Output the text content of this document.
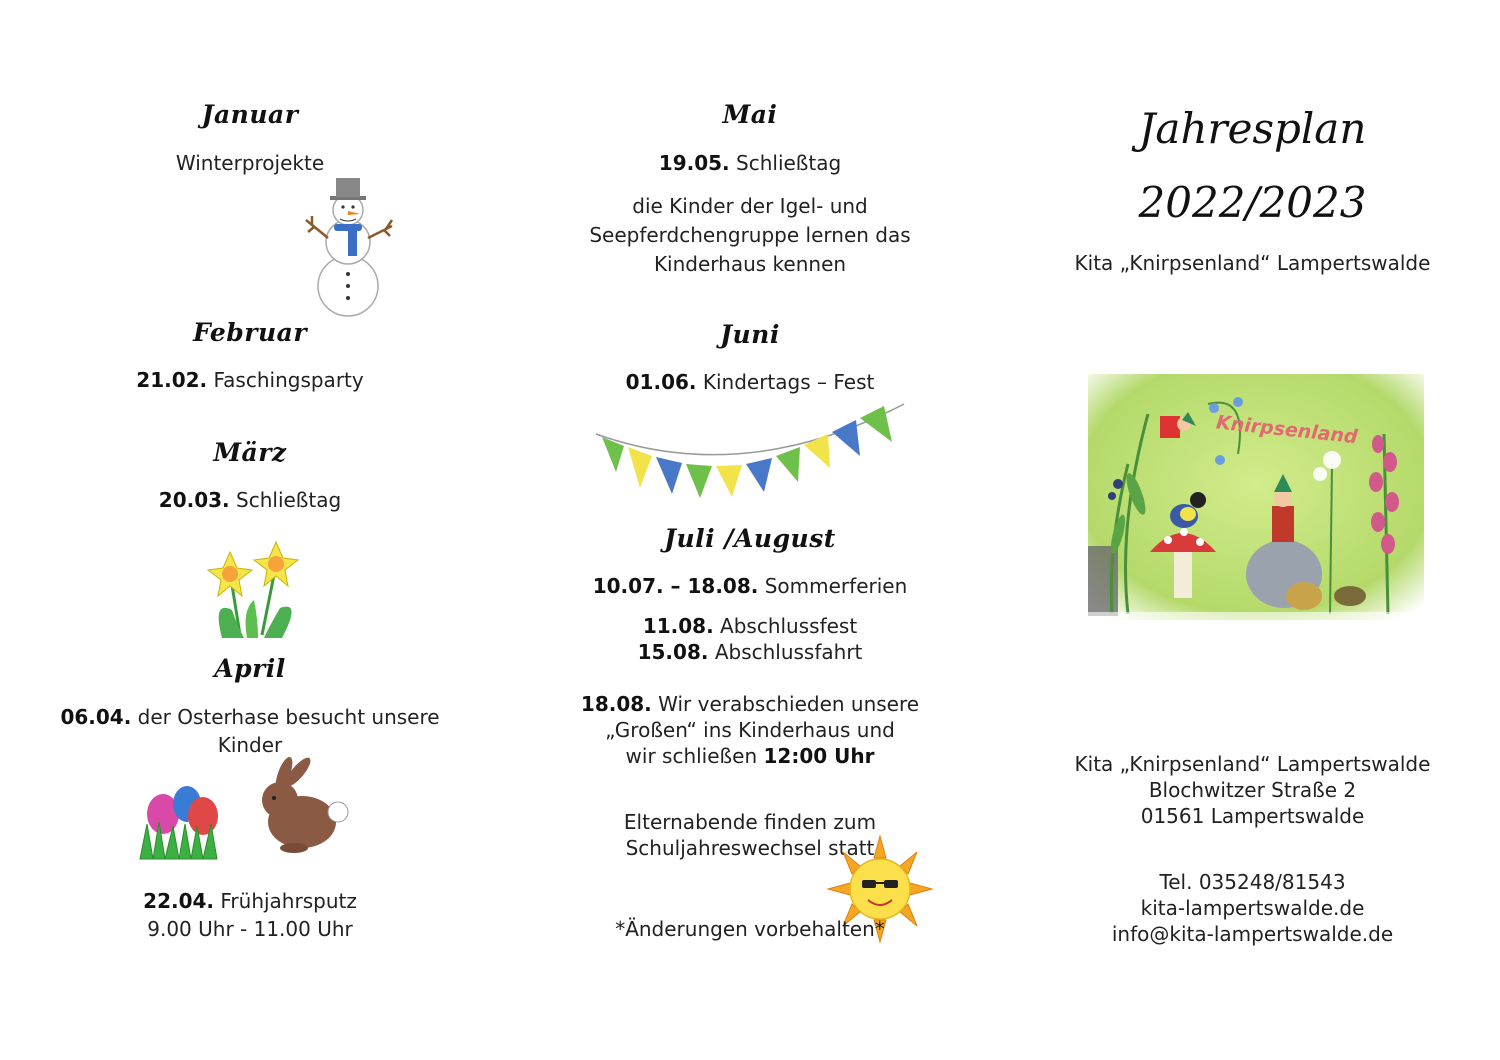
Januar
Winterprojekte
Februar
21.02. Faschingsparty
März
20.03. Schließtag
April
06.04. der Osterhase besucht unsere
Kinder
22.04. Frühjahrsputz
9.00 Uhr - 11.00 Uhr
Mai
19.05. Schließtag
die Kinder der Igel- und
Seepferdchengruppe lernen das
Kinderhaus kennen
Juni
01.06. Kindertags – Fest
Juli /August
10.07. – 18.08. Sommerferien
11.08. Abschlussfest
15.08. Abschlussfahrt
18.08. Wir verabschieden unsere
„Großen“ ins Kinderhaus und
wir schließen 12:00 Uhr
Elternabende finden zum
Schuljahreswechsel statt
*Änderungen vorbehalten*
Jahresplan
2022/2023
Kita „Knirpsenland“ Lampertswalde
Knirpsenland
Kita „Knirpsenland“ Lampertswalde
Blochwitzer Straße 2
01561 Lampertswalde
Tel. 035248/81543
kita-lampertswalde.de
info@kita-lampertswalde.de
